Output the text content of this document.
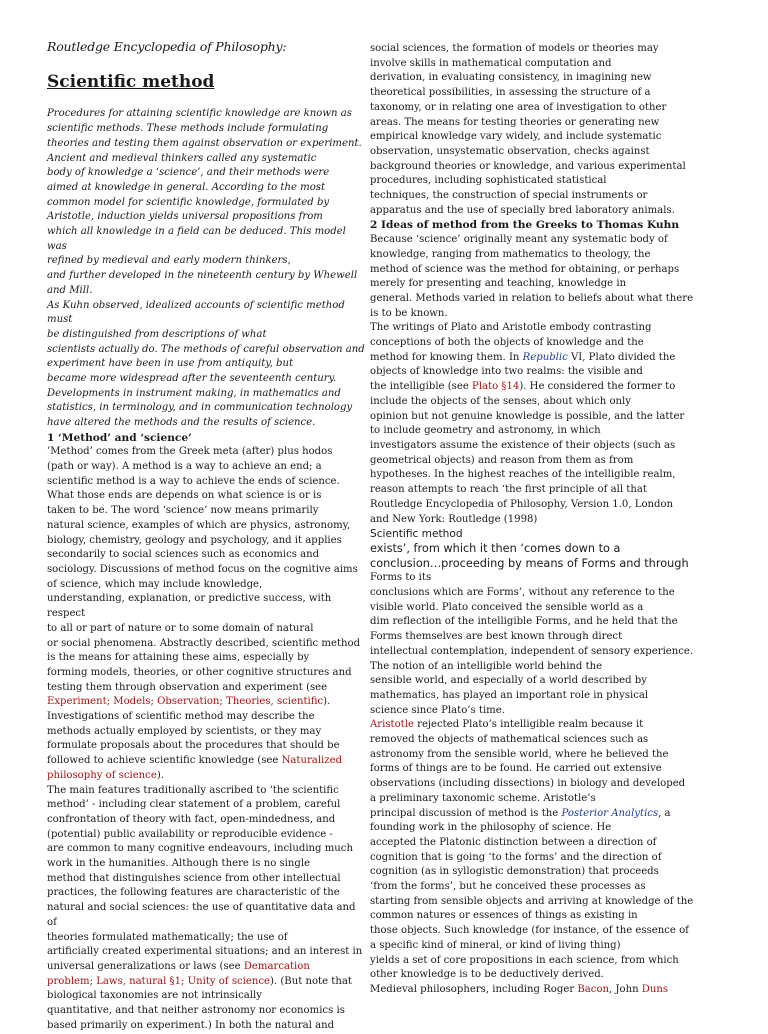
Routledge Encyclopedia of Philosophy:

Scientific method

Procedures for attaining scientific knowledge are known as

scientific methods. These methods include formulating

theories and testing them against observation or experiment.

Ancient and medieval thinkers called any systematic

body of knowledge a ‘science’, and their methods were

aimed at knowledge in general. According to the most

common model for scientific knowledge, formulated by

Aristotle, induction yields universal propositions from

which all knowledge in a field can be deduced. This model was

refined by medieval and early modern thinkers,

and further developed in the nineteenth century by Whewell

and Mill.

As Kuhn observed, idealized accounts of scientific method must

be distinguished from descriptions of what

scientists actually do. The methods of careful observation and

experiment have been in use from antiquity, but

became more widespread after the seventeenth century.

Developments in instrument making, in mathematics and

statistics, in terminology, and in communication technology

have altered the methods and the results of science.

1 ‘Method’ and ‘science’

’Method’ comes from the Greek meta (after) plus hodos

(path or way). A method is a way to achieve an end; a

scientific method is a way to achieve the ends of science.

What those ends are depends on what science is or is

taken to be. The word ‘science’ now means primarily

natural science, examples of which are physics, astronomy,

biology, chemistry, geology and psychology, and it applies

secondarily to social sciences such as economics and

sociology. Discussions of method focus on the cognitive aims

of science, which may include knowledge,

understanding, explanation, or predictive success, with respect

to all or part of nature or to some domain of natural

or social phenomena. Abstractly described, scientific method

is the means for attaining these aims, especially by

forming models, theories, or other cognitive structures and

testing them through observation and experiment (see

Experiment; Models; Observation; Theories, scientific).

Investigations of scientific method may describe the

methods actually employed by scientists, or they may

formulate proposals about the procedures that should be

followed to achieve scientific knowledge (see Naturalized

philosophy of science).

The main features traditionally ascribed to ‘the scientific

method’ - including clear statement of a problem, careful

confrontation of theory with fact, open-mindedness, and

(potential) public availability or reproducible evidence -

are common to many cognitive endeavours, including much

work in the humanities. Although there is no single

method that distinguishes science from other intellectual

practices, the following features are characteristic of the

natural and social sciences: the use of quantitative data and of

theories formulated mathematically; the use of

artificially created experimental situations; and an interest in

universal generalizations or laws (see Demarcation

problem; Laws, natural §1; Unity of science). (But note that

biological taxonomies are not intrinsically

quantitative, and that neither astronomy nor economics is

based primarily on experiment.) In both the natural and

social sciences, the formation of models or theories may

involve skills in mathematical computation and

derivation, in evaluating consistency, in imagining new

theoretical possibilities, in assessing the structure of a

taxonomy, or in relating one area of investigation to other

areas. The means for testing theories or generating new

empirical knowledge vary widely, and include systematic

observation, unsystematic observation, checks against

background theories or knowledge, and various experimental

procedures, including sophisticated statistical

techniques, the construction of special instruments or

apparatus and the use of specially bred laboratory animals.

2 Ideas of method from the Greeks to Thomas Kuhn

Because ‘science’ originally meant any systematic body of

knowledge, ranging from mathematics to theology, the

method of science was the method for obtaining, or perhaps

merely for presenting and teaching, knowledge in

general. Methods varied in relation to beliefs about what there

is to be known.

The writings of Plato and Aristotle embody contrasting

conceptions of both the objects of knowledge and the

method for knowing them. In Republic VI, Plato divided the

objects of knowledge into two realms: the visible and

the intelligible (see Plato §14). He considered the former to

include the objects of the senses, about which only

opinion but not genuine knowledge is possible, and the latter

to include geometry and astronomy, in which

investigators assume the existence of their objects (such as

geometrical objects) and reason from them as from

hypotheses. In the highest reaches of the intelligible realm,

reason attempts to reach ‘the first principle of all that

Routledge Encyclopedia of Philosophy, Version 1.0, London

and New York: Routledge (1998)

Scientific method

exists’, from which it then ‘comes down to a

conclusion…proceeding by means of Forms and through

Forms to its

conclusions which are Forms’, without any reference to the

visible world. Plato conceived the sensible world as a

dim reflection of the intelligible Forms, and he held that the

Forms themselves are best known through direct

intellectual contemplation, independent of sensory experience.

The notion of an intelligible world behind the

sensible world, and especially of a world described by

mathematics, has played an important role in physical

science since Plato’s time.

Aristotle rejected Plato’s intelligible realm because it

removed the objects of mathematical sciences such as

astronomy from the sensible world, where he believed the

forms of things are to be found. He carried out extensive

observations (including dissections) in biology and developed

a preliminary taxonomic scheme. Aristotle’s

principal discussion of method is the Posterior Analytics, a

founding work in the philosophy of science. He

accepted the Platonic distinction between a direction of

cognition that is going ‘to the forms’ and the direction of

cognition (as in syllogistic demonstration) that proceeds

‘from the forms’, but he conceived these processes as

starting from sensible objects and arriving at knowledge of the

common natures or essences of things as existing in

those objects. Such knowledge (for instance, of the essence of

a specific kind of mineral, or kind of living thing)

yields a set of core propositions in each science, from which

other knowledge is to be deductively derived.

Medieval philosophers, including Roger Bacon, John Duns
